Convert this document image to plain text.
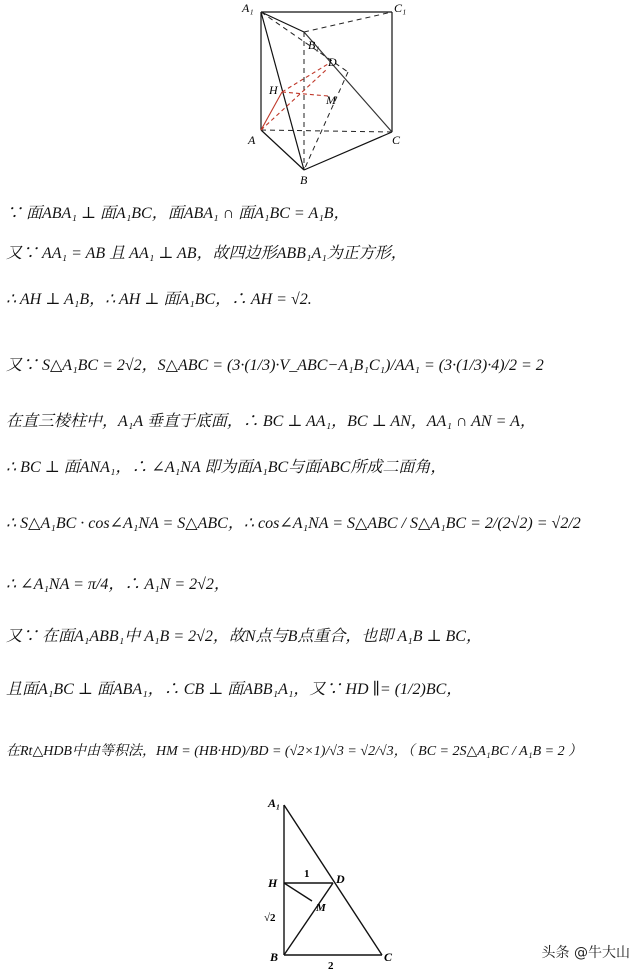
A₁	C₁
B₁
D
H
M
A
B
C
∵ 面ABA₁ ⊥ 面A₁BC，面ABA₁ ∩ 面A₁BC = A₁B，
又∵ AA₁ = AB 且 AA₁ ⊥ AB，故四边形ABB₁A₁为正方形，
∴ AH ⊥ A₁B，∴ AH ⊥ 面A₁BC，∴ AH = √2.
又∵ S△A₁BC = 2√2，S△ABC = (3·(1/3)·V_ABC−A₁B₁C₁)/AA₁ = (3·(1/3)·4)/2 = 2
在直三棱柱中，A₁A 垂直于底面，∴ BC ⊥ AA₁，BC ⊥ AN，AA₁ ∩ AN = A，
∴ BC ⊥ 面ANA₁，∴ ∠A₁NA 即为面A₁BC与面ABC所成二面角，
∴ S△A₁BC · cos∠A₁NA = S△ABC，∴ cos∠A₁NA = S△ABC / S△A₁BC = 2/(2√2) = √2/2
∴ ∠A₁NA = π/4，∴ A₁N = 2√2，
又∵ 在面A₁ABB₁中 A₁B = 2√2，故N点与B点重合，也即 A₁B ⊥ BC，
且面A₁BC ⊥ 面ABA₁，∴ CB ⊥ 面ABB₁A₁，又∵ HD ∥= (1/2)BC，
在Rt△HDB中由等积法，HM = (HB·HD)/BD = (√2×1)/√3 = √2/√3，（ BC = 2S△A₁BC / A₁B = 2 ）
A₁
H	D
M
B	C
1
√2
2
头条 @牛大山
